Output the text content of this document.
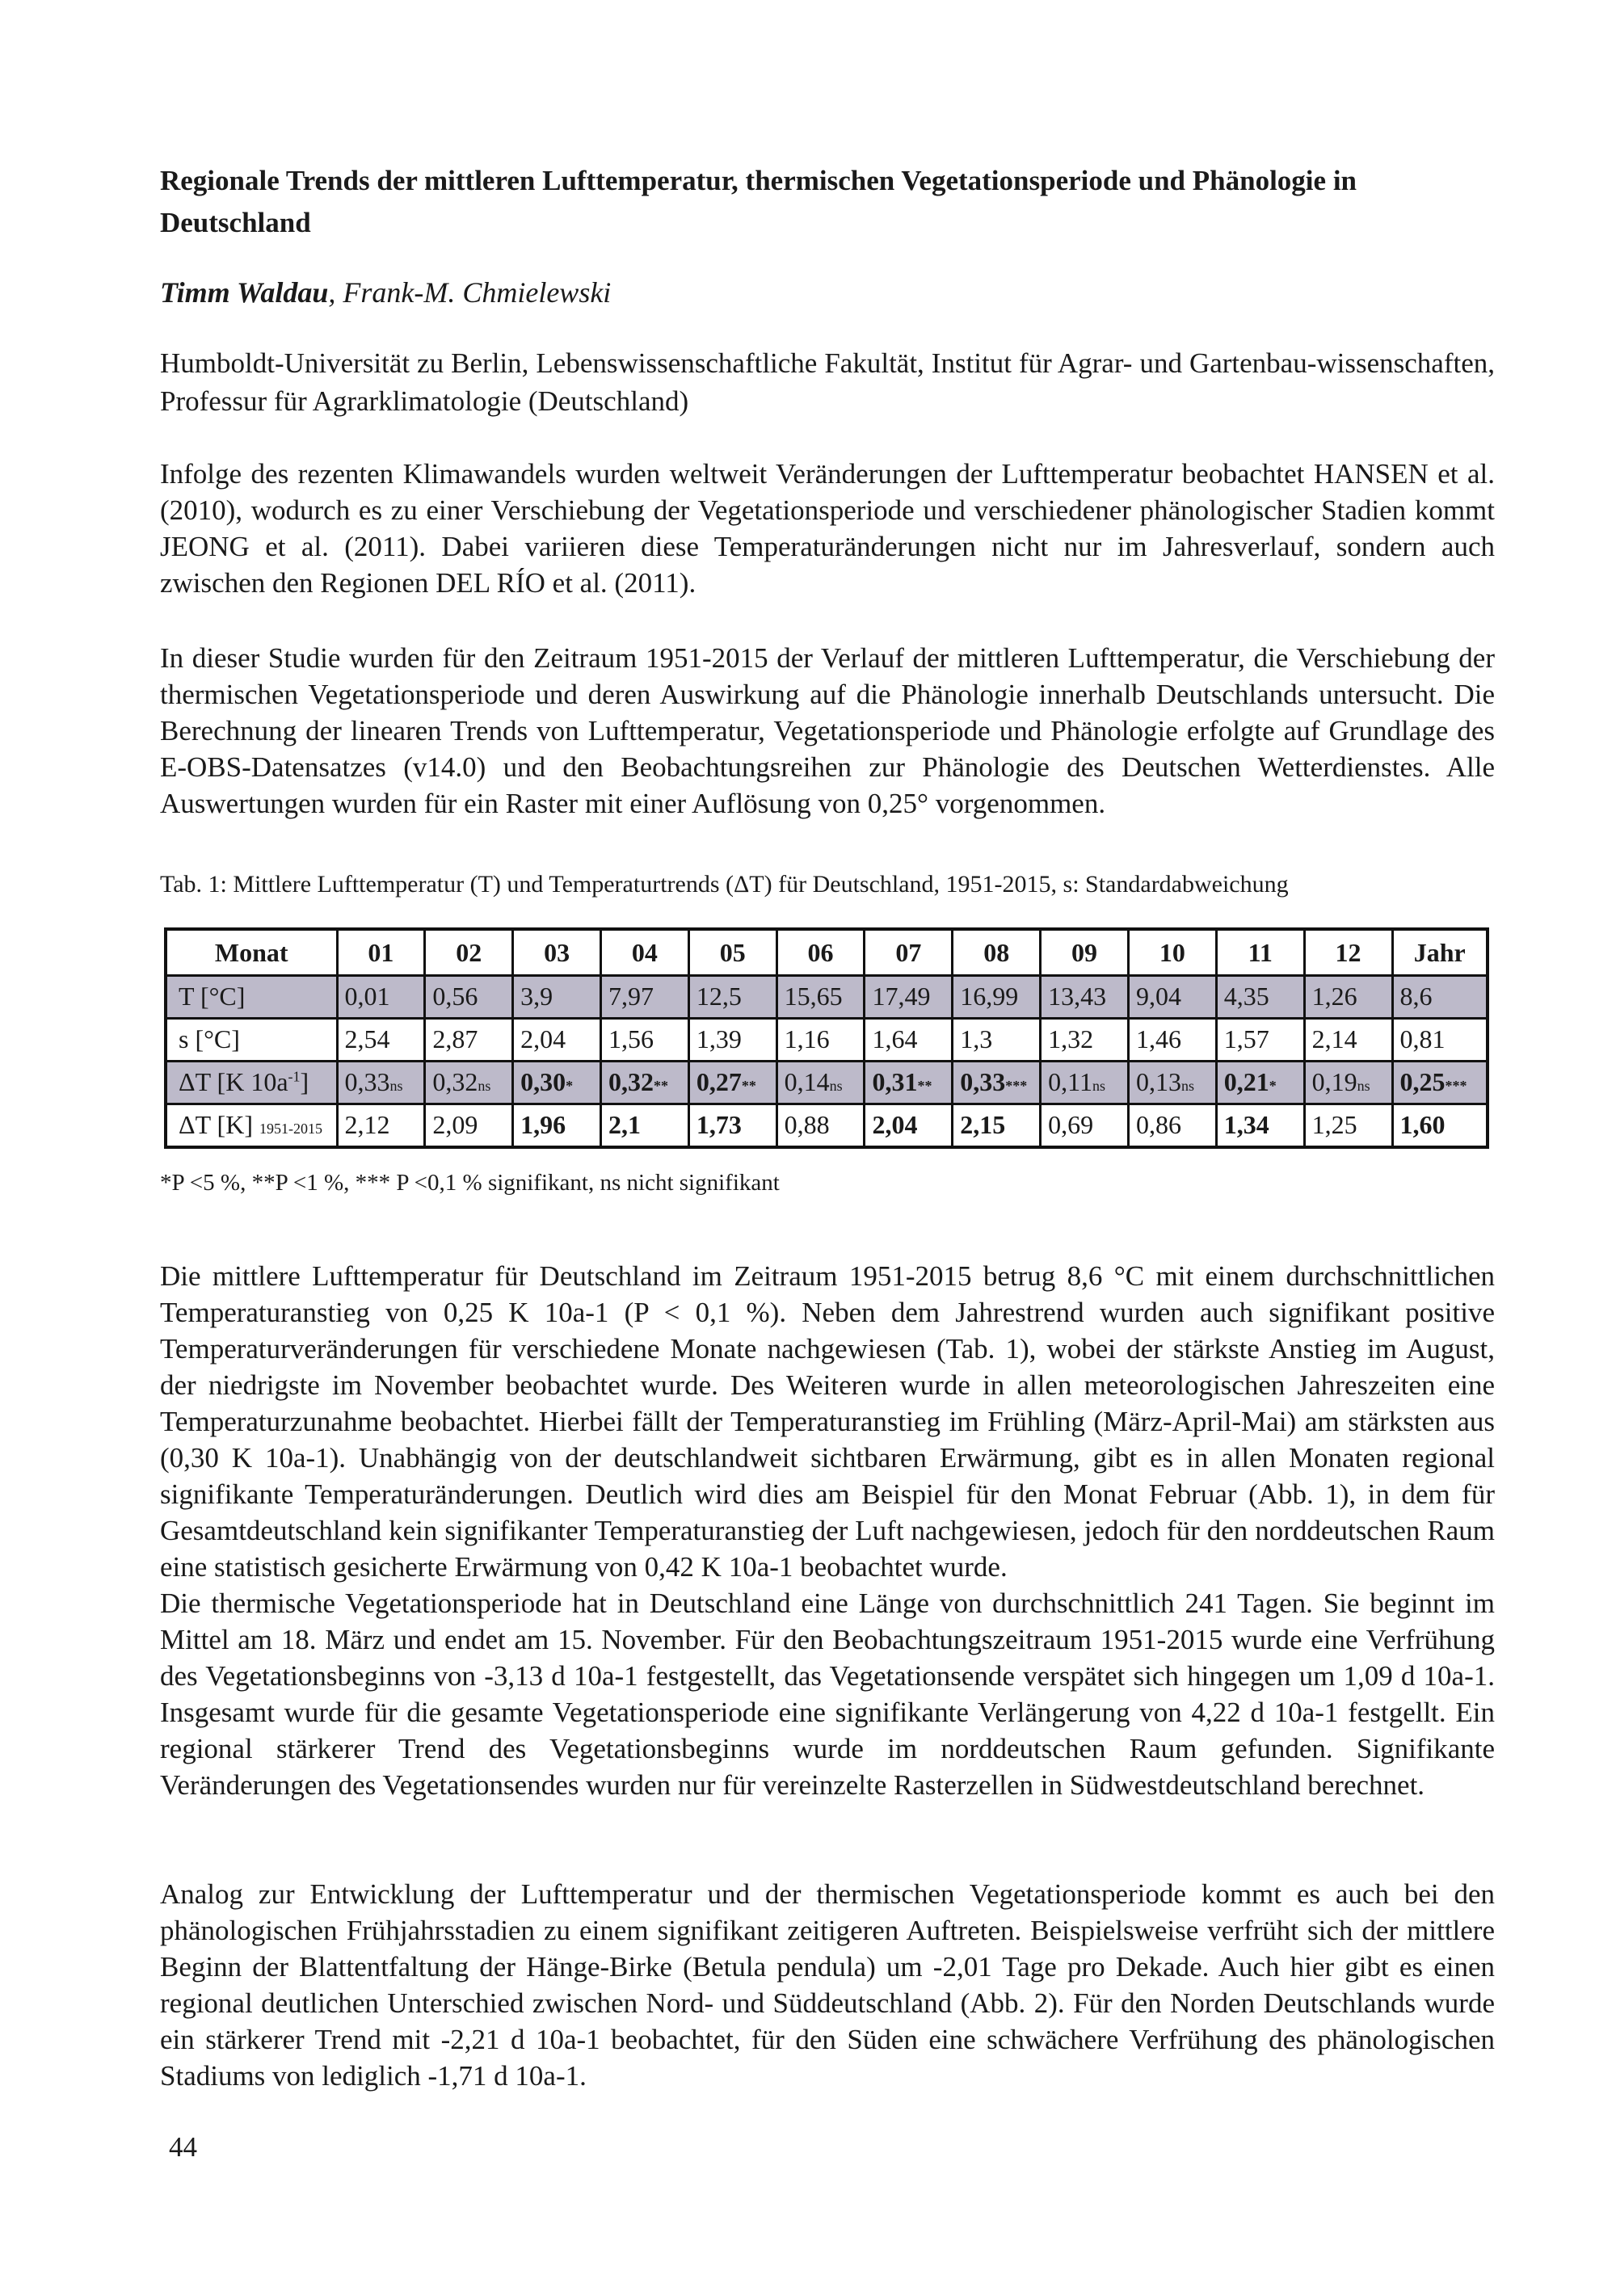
Regionale Trends der mittleren Lufttemperatur, thermischen Vegetationsperiode und Phänologie in Deutschland
Timm Waldau, Frank-M. Chmielewski
Humboldt-Universität zu Berlin, Lebenswissenschaftliche Fakultät, Institut für Agrar- und Gartenbau-wissenschaften, Professur für Agrarklimatologie (Deutschland)
Infolge des rezenten Klimawandels wurden weltweit Veränderungen der Lufttemperatur beobachtet HANSEN et al. (2010), wodurch es zu einer Verschiebung der Vegetationsperiode und verschiedener phänologischer Stadien kommt JEONG et al. (2011). Dabei variieren diese Temperaturänderungen nicht nur im Jahresverlauf, sondern auch zwischen den Regionen DEL RÍO et al. (2011).
In dieser Studie wurden für den Zeitraum 1951-2015 der Verlauf der mittleren Lufttemperatur, die Verschiebung der thermischen Vegetationsperiode und deren Auswirkung auf die Phänologie innerhalb Deutschlands untersucht. Die Berechnung der linearen Trends von Lufttemperatur, Vegetationsperiode und Phänologie erfolgte auf Grundlage des E-OBS-Datensatzes (v14.0) und den Beobachtungsreihen zur Phänologie des Deutschen Wetterdienstes. Alle Auswertungen wurden für ein Raster mit einer Auflösung von 0,25° vorgenommen.
Tab. 1: Mittlere Lufttemperatur (T) und Temperaturtrends (ΔT) für Deutschland, 1951-2015, s: Standardabweichung
Monat	01	02	03	04	05	06	07	08	09	10	11	12	Jahr
T [°C]	0,01	0,56	3,9	7,97	12,5	15,65	17,49	16,99	13,43	9,04	4,35	1,26	8,6
s [°C]	2,54	2,87	2,04	1,56	1,39	1,16	1,64	1,3	1,32	1,46	1,57	2,14	0,81
ΔT [K $10a^{-1}$]	0,33ns	0,32ns	0,30*	0,32**	0,27**	0,14ns	0,31**	0,33***	0,11ns	0,13ns	0,21*	0,19ns	0,25***
ΔT [K] 1951-2015	2,12	2,09	1,96	2,1	1,73	0,88	2,04	2,15	0,69	0,86	1,34	1,25	1,60
*P <5 %, **P <1 %, *** P <0,1 % signifikant, ns nicht signifikant
Die mittlere Lufttemperatur für Deutschland im Zeitraum 1951-2015 betrug 8,6 °C mit einem durchschnittlichen Temperaturanstieg von 0,25 K 10a-1 (P < 0,1 %). Neben dem Jahrestrend wurden auch signifikant positive Temperaturveränderungen für verschiedene Monate nachgewiesen (Tab. 1), wobei der stärkste Anstieg im August, der niedrigste im November beobachtet wurde. Des Weiteren wurde in allen meteorologischen Jahreszeiten eine Temperaturzunahme beobachtet. Hierbei fällt der Temperaturanstieg im Frühling (März-April-Mai) am stärksten aus (0,30 K 10a-1). Unabhängig von der deutschlandweit sichtbaren Erwärmung, gibt es in allen Monaten regional signifikante Temperaturänderungen. Deutlich wird dies am Beispiel für den Monat Februar (Abb. 1), in dem für Gesamtdeutschland kein signifikanter Temperaturanstieg der Luft nachgewiesen, jedoch für den norddeutschen Raum eine statistisch gesicherte Erwärmung von 0,42 K 10a-1 beobachtet wurde.
Die thermische Vegetationsperiode hat in Deutschland eine Länge von durchschnittlich 241 Tagen. Sie beginnt im Mittel am 18. März und endet am 15. November. Für den Beobachtungszeitraum 1951-2015 wurde eine Verfrühung des Vegetationsbeginns von -3,13 d 10a-1 festgestellt, das Vegetationsende verspätet sich hingegen um 1,09 d 10a-1. Insgesamt wurde für die gesamte Vegetationsperiode eine signifikante Verlängerung von 4,22 d 10a-1 festgellt. Ein regional stärkerer Trend des Vegetationsbeginns wurde im norddeutschen Raum gefunden. Signifikante Veränderungen des Vegetationsendes wurden nur für vereinzelte Rasterzellen in Südwestdeutschland berechnet.
Analog zur Entwicklung der Lufttemperatur und der thermischen Vegetationsperiode kommt es auch bei den phänologischen Frühjahrsstadien zu einem signifikant zeitigeren Auftreten. Beispielsweise verfrüht sich der mittlere Beginn der Blattentfaltung der Hänge-Birke (Betula pendula) um -2,01 Tage pro Dekade. Auch hier gibt es einen regional deutlichen Unterschied zwischen Nord- und Süddeutschland (Abb. 2). Für den Norden Deutschlands wurde ein stärkerer Trend mit -2,21 d 10a-1 beobachtet, für den Süden eine schwächere Verfrühung des phänologischen Stadiums von lediglich -1,71 d 10a-1.
44
